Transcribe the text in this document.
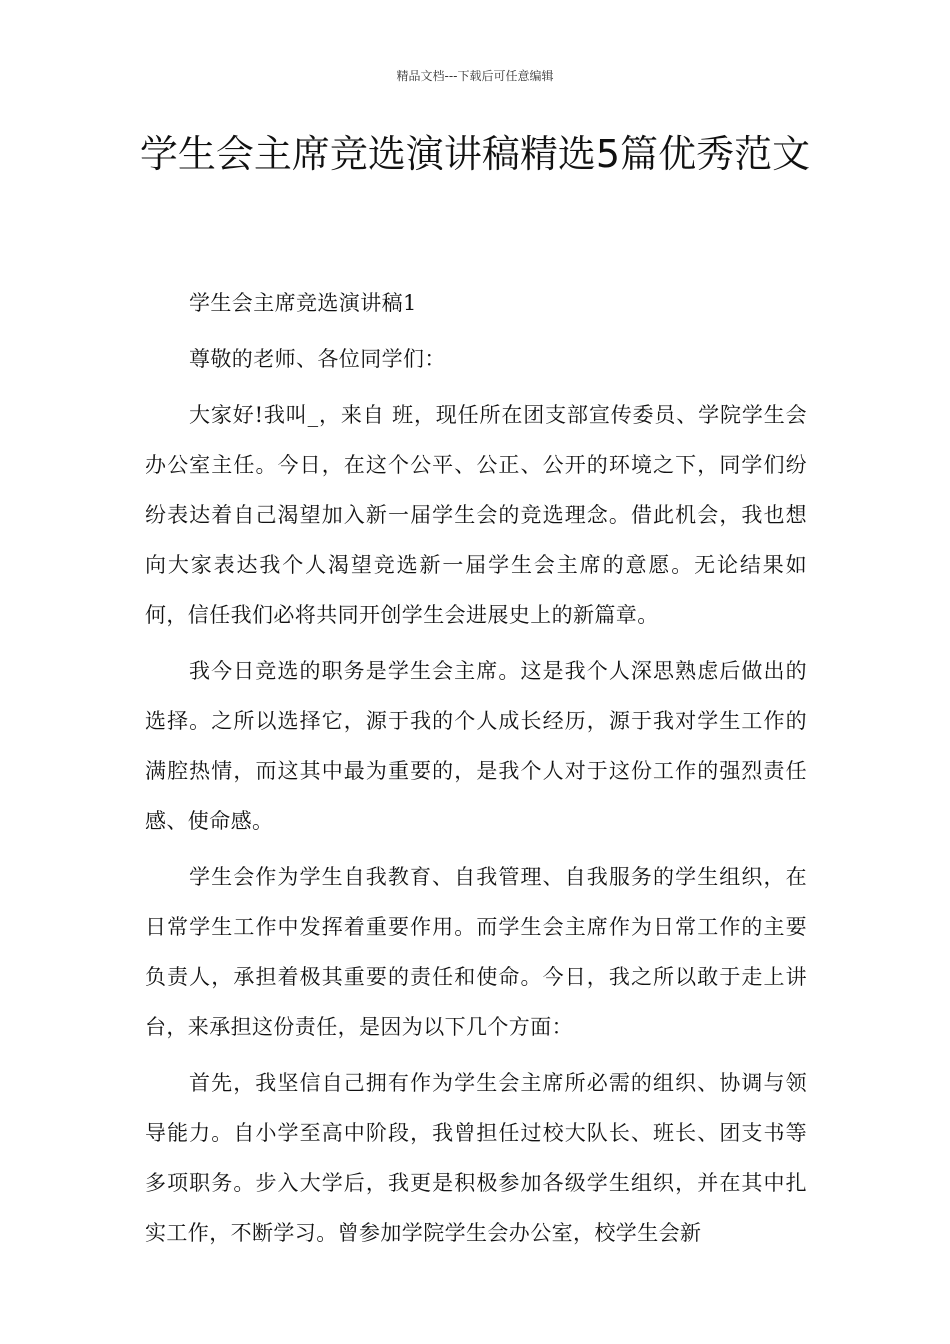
精品文档---下载后可任意编辑
学生会主席竞选演讲稿精选5篇优秀范文

学生会主席竞选演讲稿1

尊敬的老师、各位同学们：

大家好!我叫_，来自 班，现任所在团支部宣传委员、学院学生会办公室主任。今日，在这个公平、公正、公开的环境之下，同学们纷纷表达着自己渴望加入新一届学生会的竞选理念。借此机会，我也想向大家表达我个人渴望竞选新一届学生会主席的意愿。无论结果如何，信任我们必将共同开创学生会进展史上的新篇章。

我今日竞选的职务是学生会主席。这是我个人深思熟虑后做出的选择。之所以选择它，源于我的个人成长经历，源于我对学生工作的满腔热情，而这其中最为重要的，是我个人对于这份工作的强烈责任感、使命感。

学生会作为学生自我教育、自我管理、自我服务的学生组织，在日常学生工作中发挥着重要作用。而学生会主席作为日常工作的主要负责人，承担着极其重要的责任和使命。今日，我之所以敢于走上讲台，来承担这份责任，是因为以下几个方面：

首先，我坚信自己拥有作为学生会主席所必需的组织、协调与领导能力。自小学至高中阶段，我曾担任过校大队长、班长、团支书等多项职务。步入大学后，我更是积极参加各级学生组织，并在其中扎实工作，不断学习。曾参加学院学生会办公室，校学生会新
